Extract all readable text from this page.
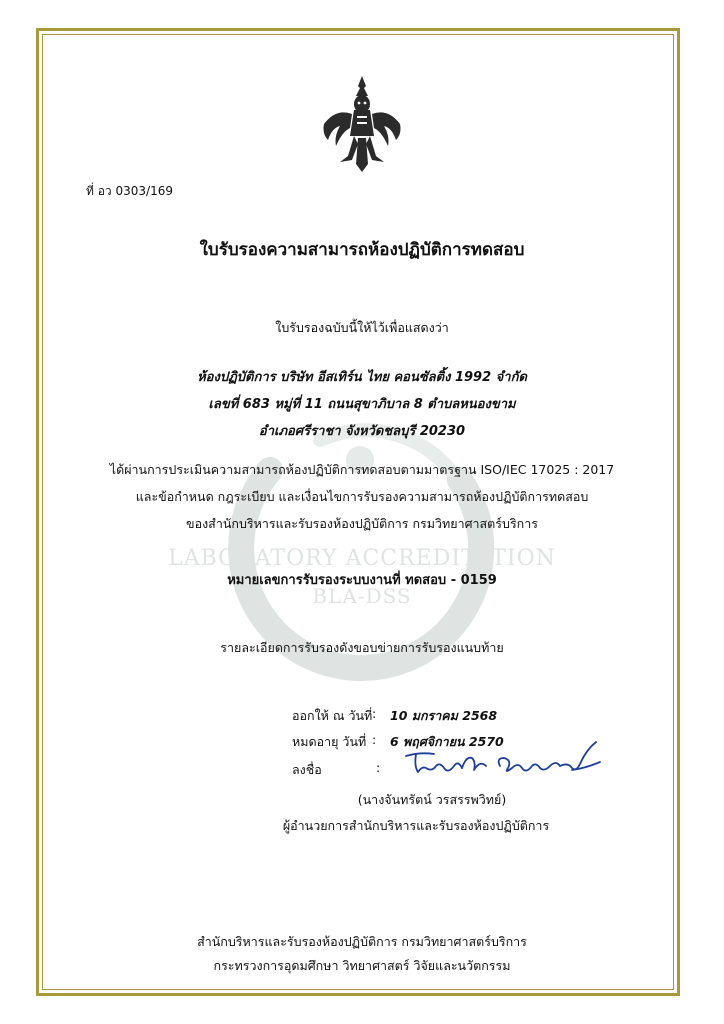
LABORATORY ACCREDITATION
BLA-DSS
ที่ อว 0303/169
ใบรับรองความสามารถห้องปฏิบัติการทดสอบ
ใบรับรองฉบับนี้ให้ไว้เพื่อแสดงว่า
ห้องปฏิบัติการ บริษัท อีสเทิร์น ไทย คอนซัลติ้ง 1992 จำกัด
เลขที่ 683 หมู่ที่ 11 ถนนสุขาภิบาล 8 ตำบลหนองขาม
อำเภอศรีราชา จังหวัดชลบุรี 20230
ได้ผ่านการประเมินความสามารถห้องปฏิบัติการทดสอบตามมาตรฐาน ISO/IEC 17025 : 2017
และข้อกำหนด กฎระเบียบ และเงื่อนไขการรับรองความสามารถห้องปฏิบัติการทดสอบ
ของสำนักบริหารและรับรองห้องปฏิบัติการ กรมวิทยาศาสตร์บริการ
หมายเลขการรับรองระบบงานที่ ทดสอบ - 0159
รายละเอียดการรับรองดังขอบข่ายการรับรองแนบท้าย
ออกให้ ณ วันที่ : 10 มกราคม 2568
หมดอายุ วันที่ : 6 พฤศจิกายน 2570
ลงชื่อ	:
(นางจันทรัตน์ วรสรรพวิทย์)
ผู้อำนวยการสำนักบริหารและรับรองห้องปฏิบัติการ
สำนักบริหารและรับรองห้องปฏิบัติการ กรมวิทยาศาสตร์บริการ
กระทรวงการอุดมศึกษา วิทยาศาสตร์ วิจัยและนวัตกรรม
